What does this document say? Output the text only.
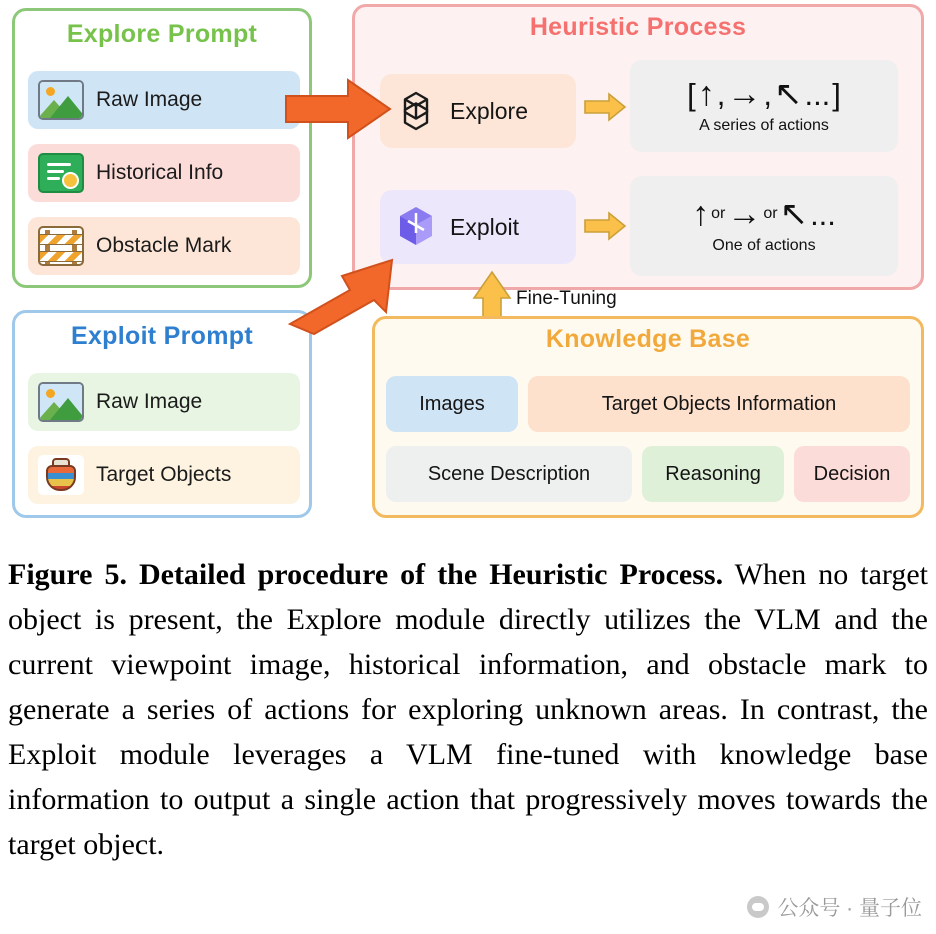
Explore Prompt
Raw Image
Historical Info
Obstacle Mark
Exploit Prompt
Raw Image
Target Objects
Heuristic Process
Explore
Exploit
[ ↑ , → , ↖ ... ]
A series of actions
↑ or → or ↖ ...
One of actions
Fine-Tuning
Knowledge Base
Images	Target Objects Information
Scene Description	Reasoning	Decision
Figure 5. Detailed procedure of the Heuristic Process. When no target object is present, the Explore module directly utilizes the VLM and the current viewpoint image, historical information, and obstacle mark to generate a series of actions for exploring unknown areas. In contrast, the Exploit module leverages a VLM fine-tuned with knowledge base information to output a single action that progressively moves towards the target object.
公众号 · 量子位
